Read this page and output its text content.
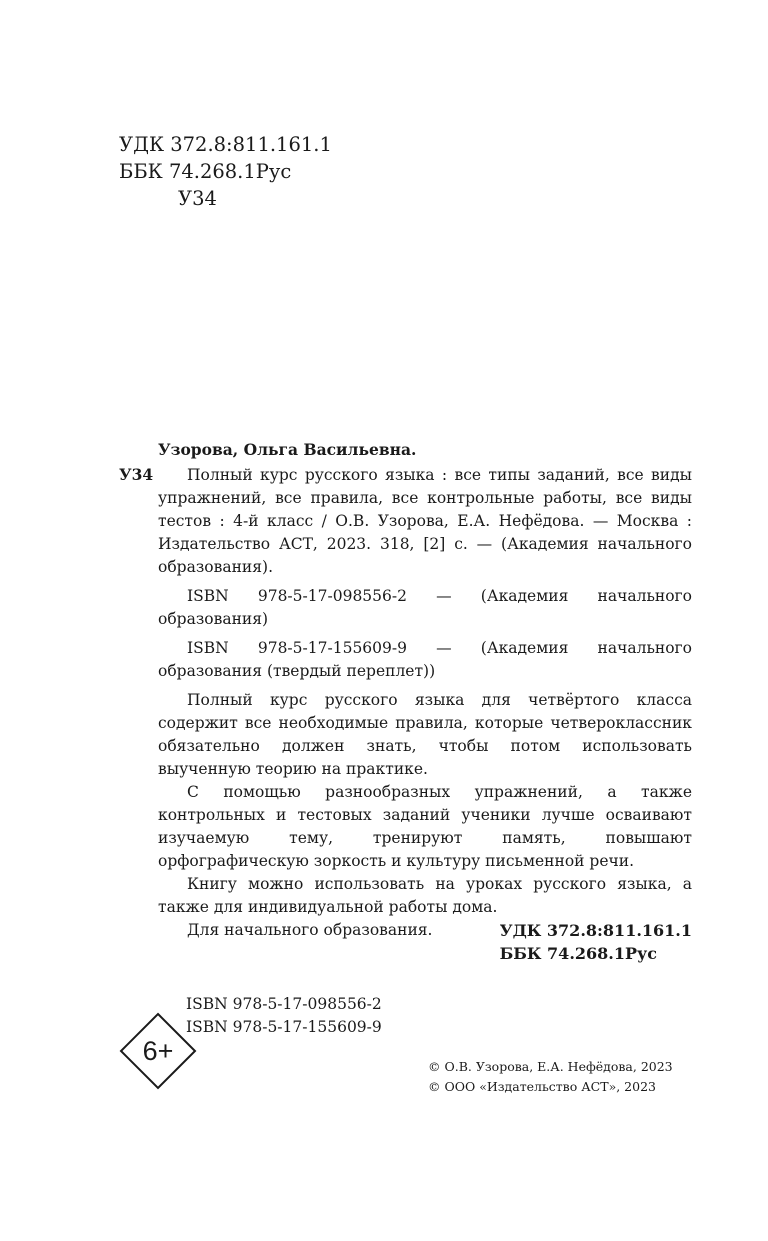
УДК 372.8:811.161.1
ББК 74.268.1Рус
У34
Узорова, Ольга Васильевна.
У34	Полный курс русского языка : все типы заданий, все виды упражнений, все правила, все контрольные работы, все виды тестов : 4-й класс / О.В. Узорова, Е.А. Нефёдова. — Москва : Издательство АСТ, 2023. 318, [2] с. — (Академия начального образования).

ISBN 978-5-17-098556-2 — (Академия начального образования)

ISBN 978-5-17-155609-9 — (Академия начального образования (твердый переплет))

Полный курс русского языка для четвёртого класса содержит все необходимые правила, которые четвероклассник обязательно должен знать, чтобы потом использовать выученную теорию на практике.

С помощью разнообразных упражнений, а также контрольных и тестовых заданий ученики лучше осваивают изучаемую тему, тренируют память, повышают орфографическую зоркость и культуру письменной речи.

Книгу можно использовать на уроках русского языка, а также для индивидуальной работы дома.

Для начального образования.	УДК 372.8:811.161.1
ББК 74.268.1Рус
ISBN 978-5-17-098556-2
ISBN 978-5-17-155609-9
6+
© О.В. Узорова, Е.А. Нефёдова, 2023
© ООО «Издательство АСТ», 2023
